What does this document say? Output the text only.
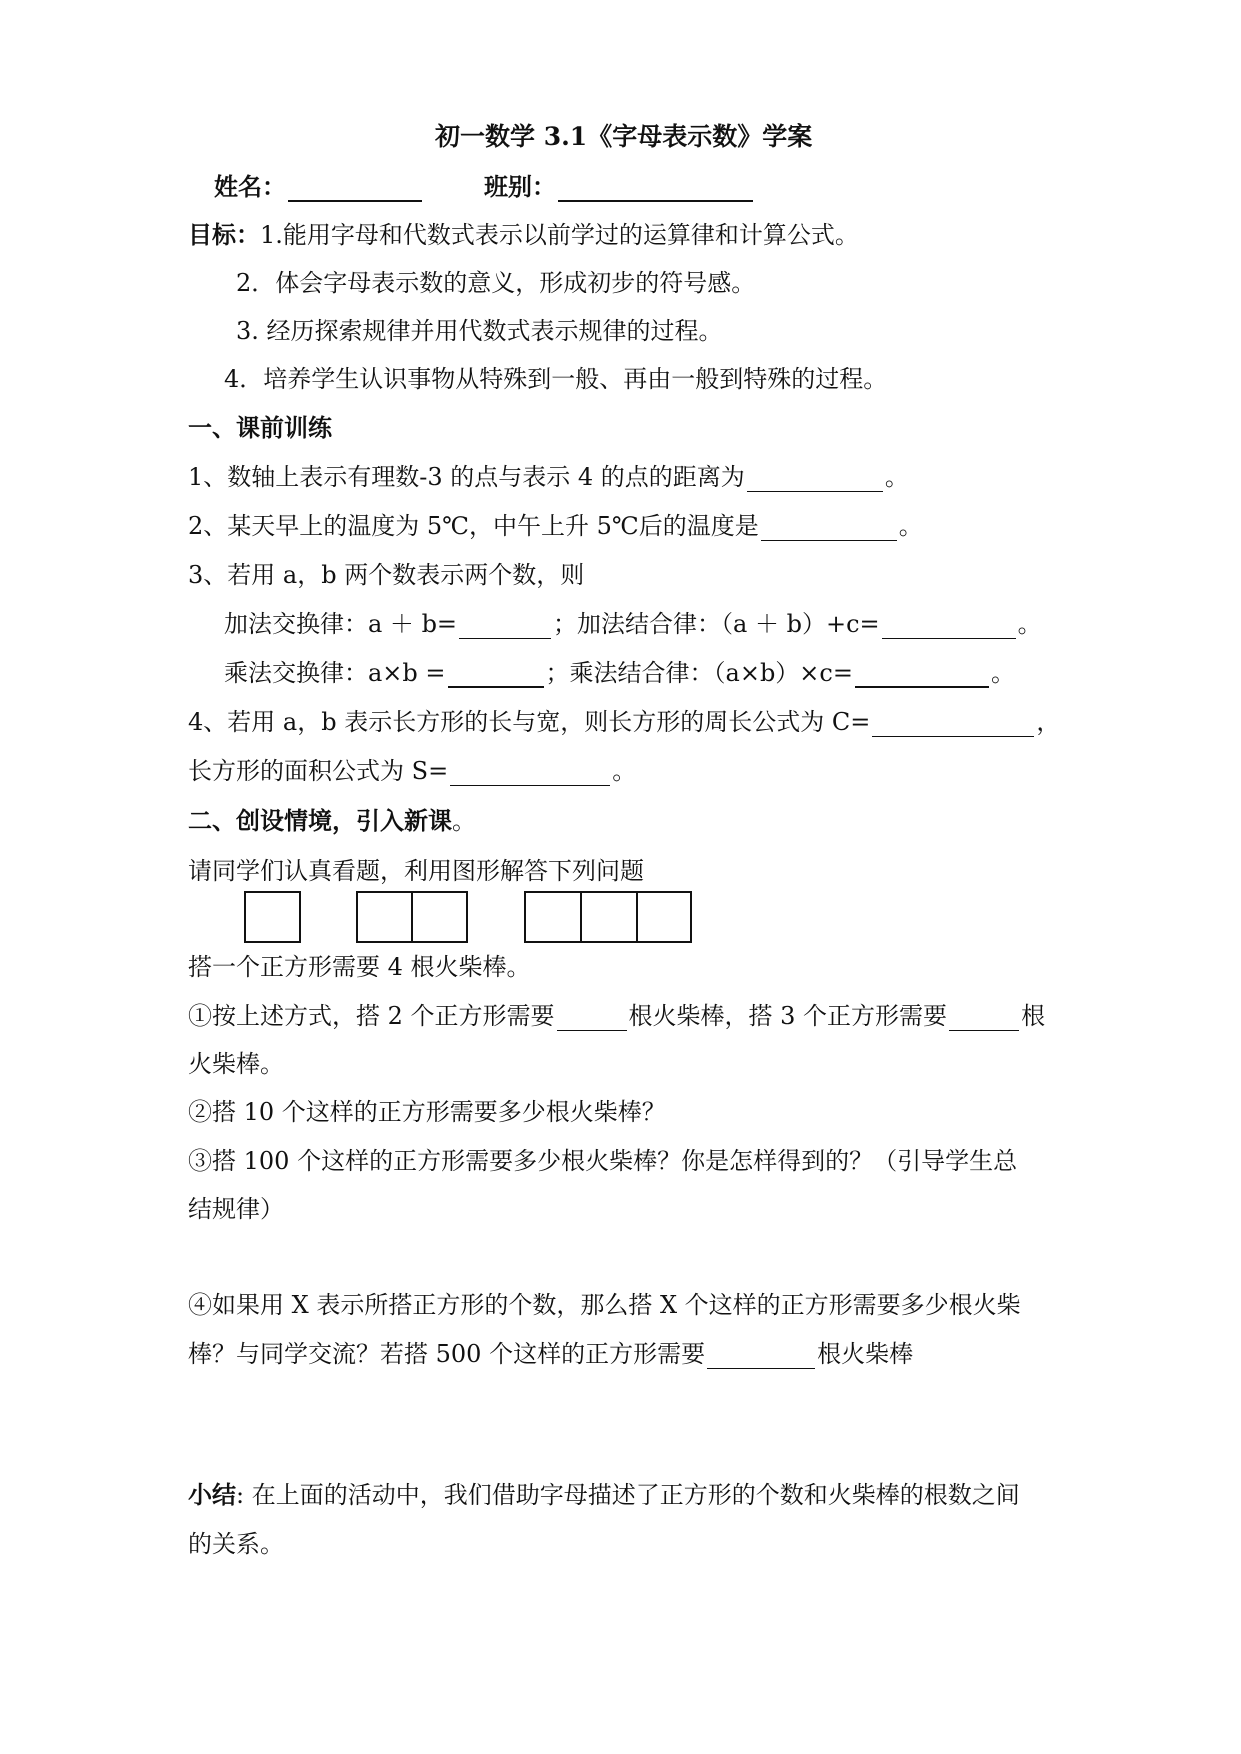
初一数学 3.1《字母表示数》学案
姓名：	班别：
目标：1.能用字母和代数式表示以前学过的运算律和计算公式。
2．体会字母表示数的意义，形成初步的符号感。
3. 经历探索规律并用代数式表示规律的过程。
4．培养学生认识事物从特殊到一般、再由一般到特殊的过程。
一、课前训练
1、数轴上表示有理数-3 的点与表示 4 的点的距离为	。
2、某天早上的温度为 5℃，中午上升 5℃后的温度是	。
3、若用 a，b 两个数表示两个数，则
加法交换律：a ＋ b=	；加法结合律：（a ＋ b）+c=	。
乘法交换律：a×b =	；乘法结合律：（a×b）×c=	。
4、若用 a，b 表示长方形的长与宽，则长方形的周长公式为 C=	，
长方形的面积公式为 S=	。
二、创设情境，引入新课。
请同学们认真看题，利用图形解答下列问题
搭一个正方形需要 4 根火柴棒。
①按上述方式，搭 2 个正方形需要	根火柴棒，搭 3 个正方形需要	根
火柴棒。
②搭 10 个这样的正方形需要多少根火柴棒？
③搭 100 个这样的正方形需要多少根火柴棒？你是怎样得到的？（引导学生总
结规律）
④如果用 X 表示所搭正方形的个数，那么搭 X 个这样的正方形需要多少根火柴
棒？与同学交流？若搭 500 个这样的正方形需要	根火柴棒
小结: 在上面的活动中，我们借助字母描述了正方形的个数和火柴棒的根数之间
的关系。
